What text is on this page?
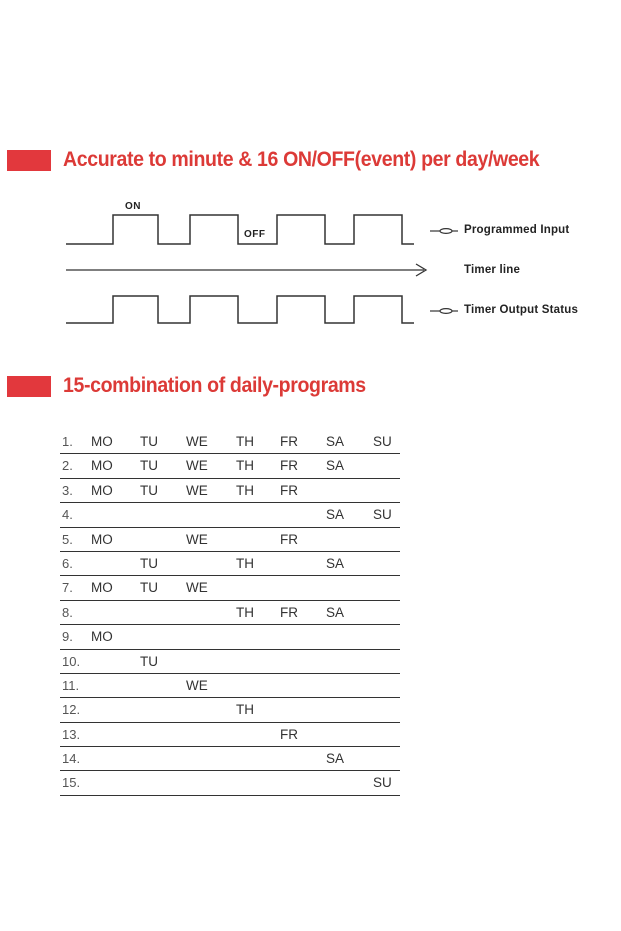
Accurate to minute & 16 ON/OFF(event) per day/week
ON
OFF	Programmed Input
Timer line
Timer Output Status
15-combination of daily-programs
1. MO TU WE TH FR SA SU
2. MO TU WE TH FR SA
3. MO TU WE TH FR
4.	SA SU
5. MO	WE	FR
6.	TU	TH	SA
7. MO TU WE
8.	TH FR SA
9. MO
10.	TU
11.	WE
12.	TH
13.	FR
14.	SA
15.	SU
